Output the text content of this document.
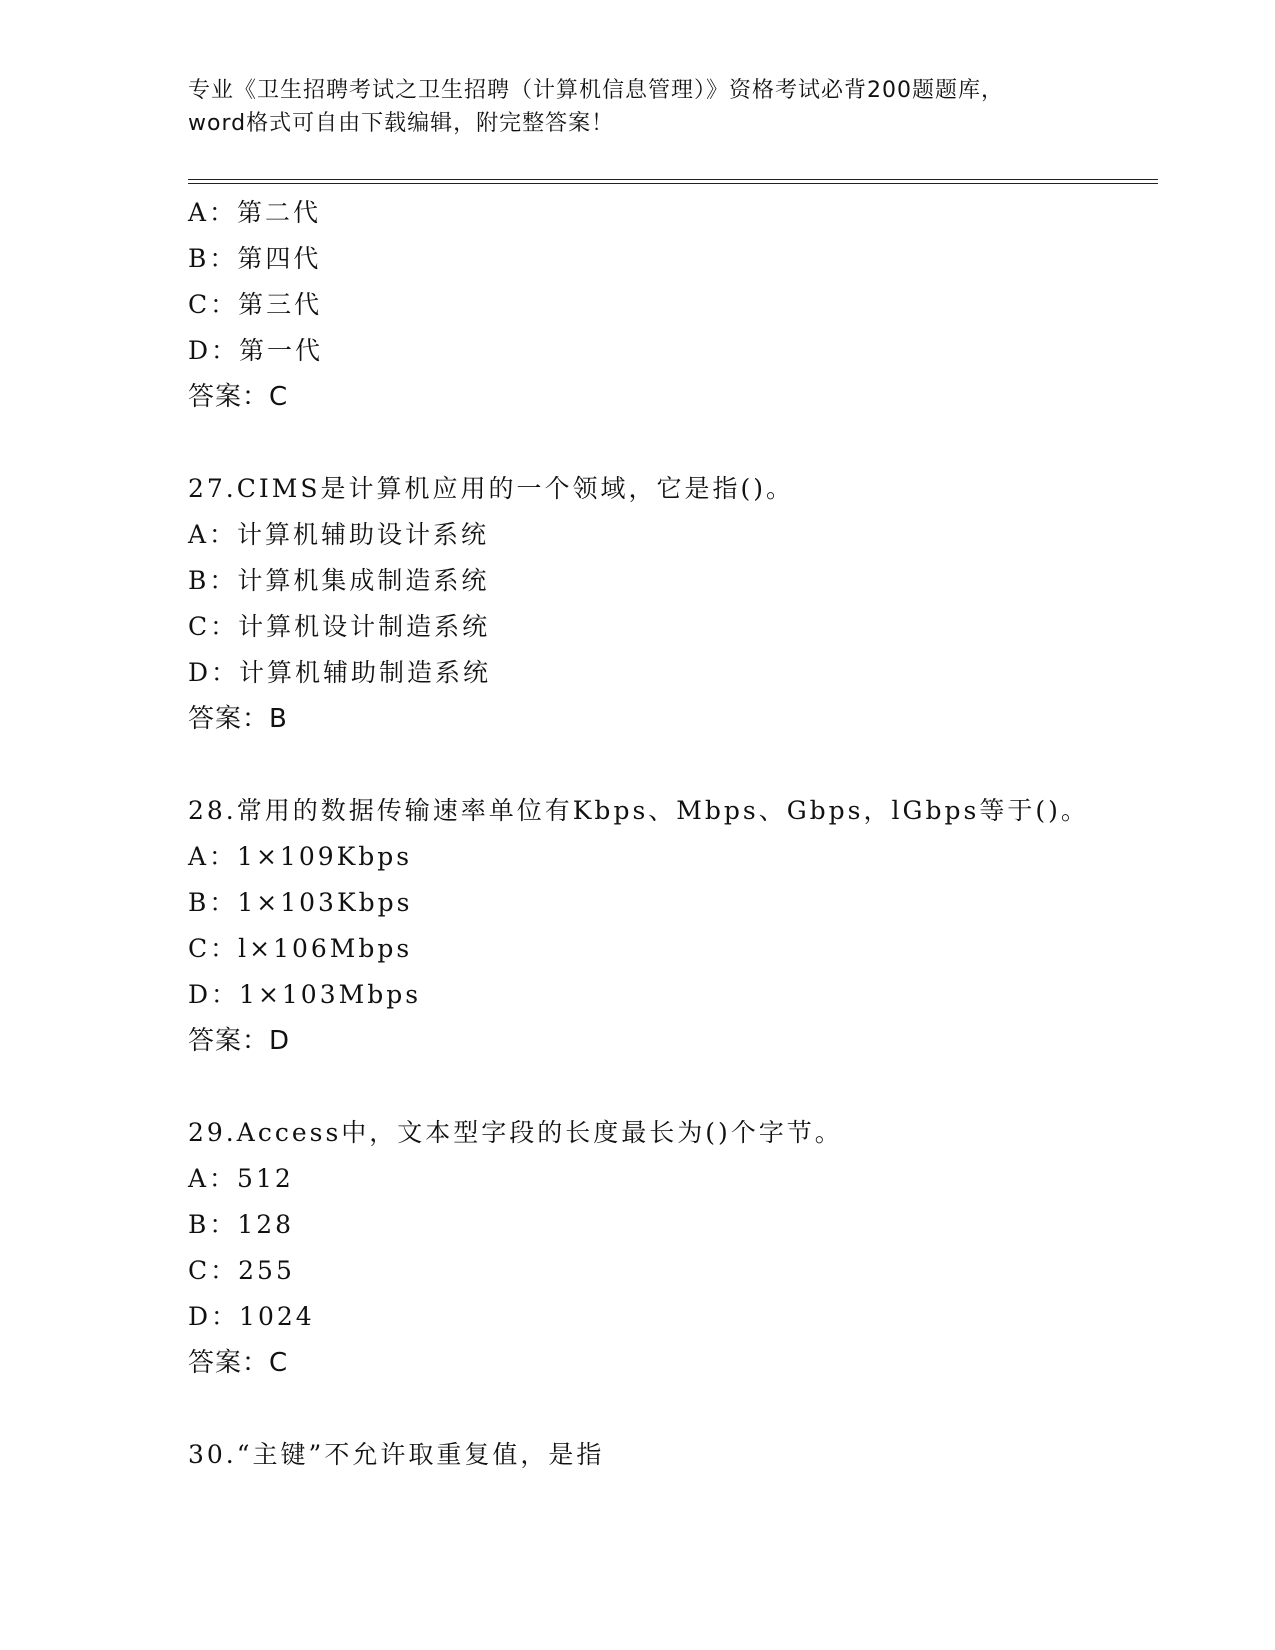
专业《卫生招聘考试之卫生招聘（计算机信息管理）》资格考试必背200题题库，
word格式可自由下载编辑，附完整答案！
A：第二代
B：第四代
C：第三代
D：第一代
答案：C
27.CIMS是计算机应用的一个领域，它是指()。
A：计算机辅助设计系统
B：计算机集成制造系统
C：计算机设计制造系统
D：计算机辅助制造系统
答案：B
28.常用的数据传输速率单位有Kbps、Mbps、Gbps，lGbps等于()。
A：1×109Kbps
B：1×103Kbps
C：l×106Mbps
D：1×103Mbps
答案：D
29.Access中，文本型字段的长度最长为()个字节。
A：512
B：128
C：255
D：1024
答案：C
30.“主键”不允许取重复值，是指
